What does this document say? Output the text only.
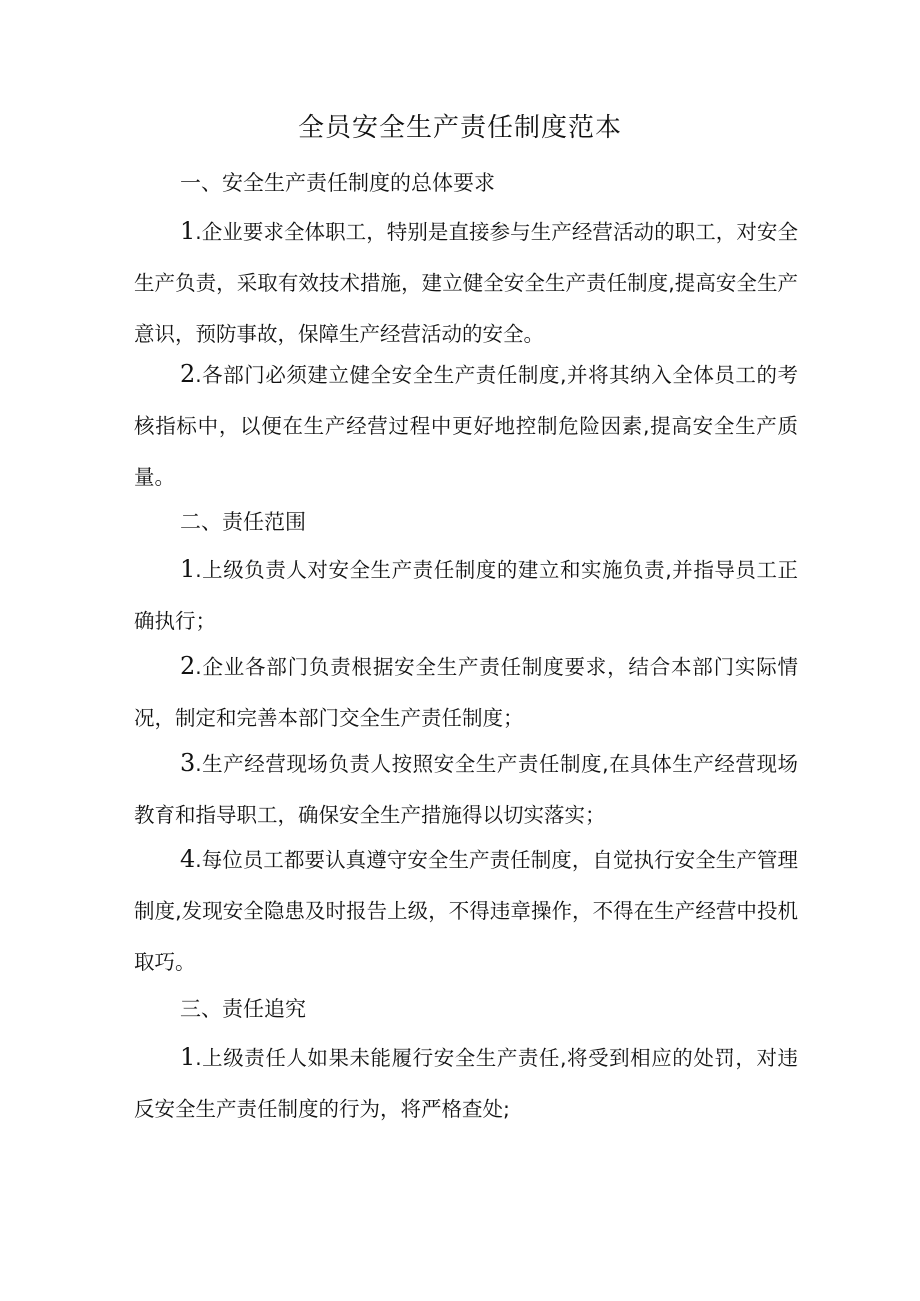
全员安全生产责任制度范本
一、安全生产责任制度的总体要求
1.企业要求全体职工，特别是直接参与生产经营活动的职工，对安全生产负责，采取有效技术措施，建立健全安全生产责任制度,提高安全生产意识，预防事故，保障生产经营活动的安全。
2.各部门必须建立健全安全生产责任制度,并将其纳入全体员工的考核指标中，以便在生产经营过程中更好地控制危险因素,提高安全生产质量。
二、责任范围
1.上级负责人对安全生产责任制度的建立和实施负责,并指导员工正确执行；
2.企业各部门负责根据安全生产责任制度要求，结合本部门实际情况，制定和完善本部门交全生产责任制度；
3.生产经营现场负责人按照安全生产责任制度,在具体生产经营现场教育和指导职工，确保安全生产措施得以切实落实；
4.每位员工都要认真遵守安全生产责任制度，自觉执行安全生产管理制度,发现安全隐患及时报告上级，不得违章操作，不得在生产经营中投机取巧。
三、责任追究
1.上级责任人如果未能履行安全生产责任,将受到相应的处罚，对违反安全生产责任制度的行为，将严格查处;
